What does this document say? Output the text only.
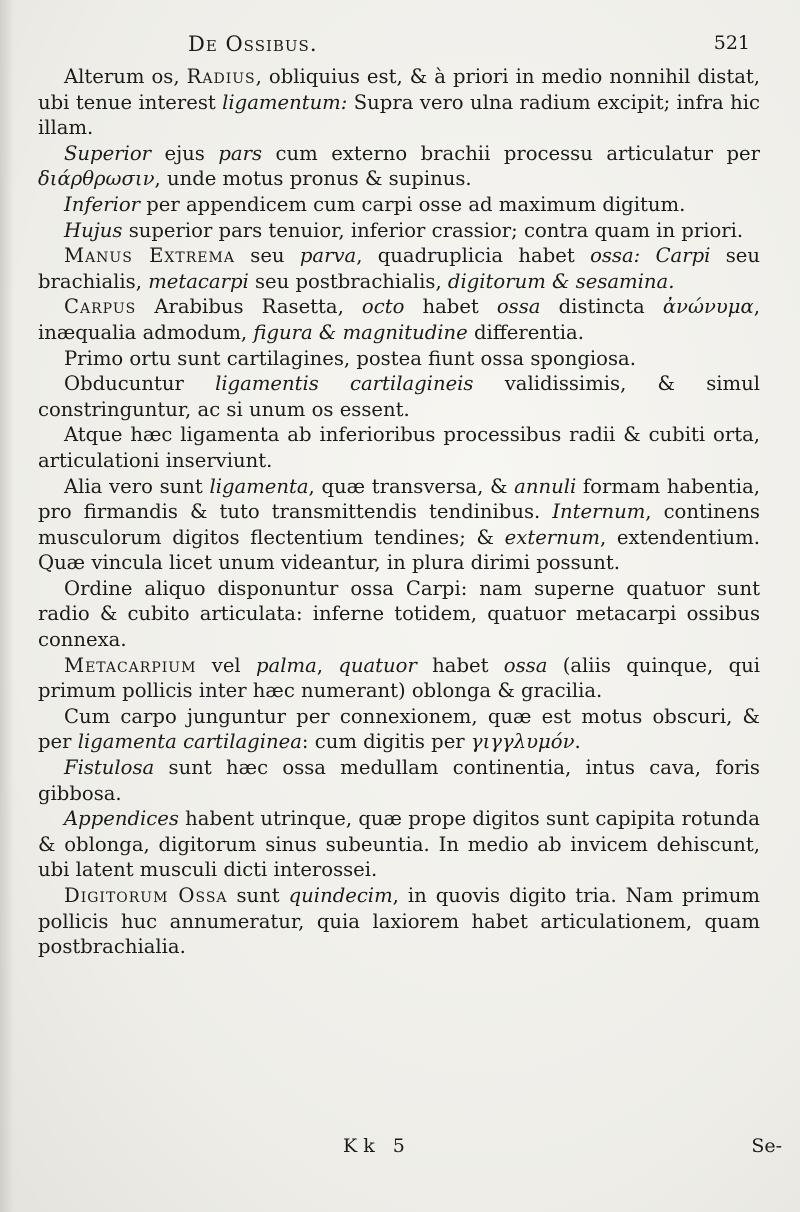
De Ossibus.	521

Alterum os, Radius, obliquius est, & à priori in medio nonnihil distat, ubi tenue interest ligamentum: Supra vero ulna radium excipit; infra hic illam.

Superior ejus pars cum externo brachii processu articulatur per διάρθρωσιν, unde motus pronus & supinus.

Inferior per appendicem cum carpi osse ad maximum digitum.

Hujus superior pars tenuior, inferior crassior; contra quam in priori.

Manus Extrema seu parva, quadruplicia habet ossa: Carpi seu brachialis, metacarpi seu postbrachialis, digitorum & sesamina.

Carpus Arabibus Rasetta, octo habet ossa distincta ἀνώνυμα, inæqualia admodum, figura & magnitudine differentia.

Primo ortu sunt cartilagines, postea fiunt ossa spongiosa.

Obducuntur ligamentis cartilagineis validissimis, & simul constringuntur, ac si unum os essent.

Atque hæc ligamenta ab inferioribus processibus radii & cubiti orta, articulationi inserviunt.

Alia vero sunt ligamenta, quæ transversa, & annuli formam habentia, pro firmandis & tuto transmittendis tendinibus. Internum, continens musculorum digitos flectentium tendines; & externum, extendentium. Quæ vincula licet unum videantur, in plura dirimi possunt.

Ordine aliquo disponuntur ossa Carpi: nam superne quatuor sunt radio & cubito articulata: inferne totidem, quatuor metacarpi ossibus connexa.

Metacarpium vel palma, quatuor habet ossa (aliis quinque, qui primum pollicis inter hæc numerant) oblonga & gracilia.

Cum carpo junguntur per connexionem, quæ est motus obscuri, & per ligamenta cartilaginea: cum digitis per γιγγλυμόν.

Fistulosa sunt hæc ossa medullam continentia, intus cava, foris gibbosa.

Appendices habent utrinque, quæ prope digitos sunt capipita rotunda & oblonga, digitorum sinus subeuntia. In medio ab invicem dehiscunt, ubi latent musculi dicti interossei.

Digitorum Ossa sunt quindecim, in quovis digito tria. Nam primum pollicis huc annumeratur, quia laxiorem habet articulationem, quam postbrachialia.

Kk 5	Se-
